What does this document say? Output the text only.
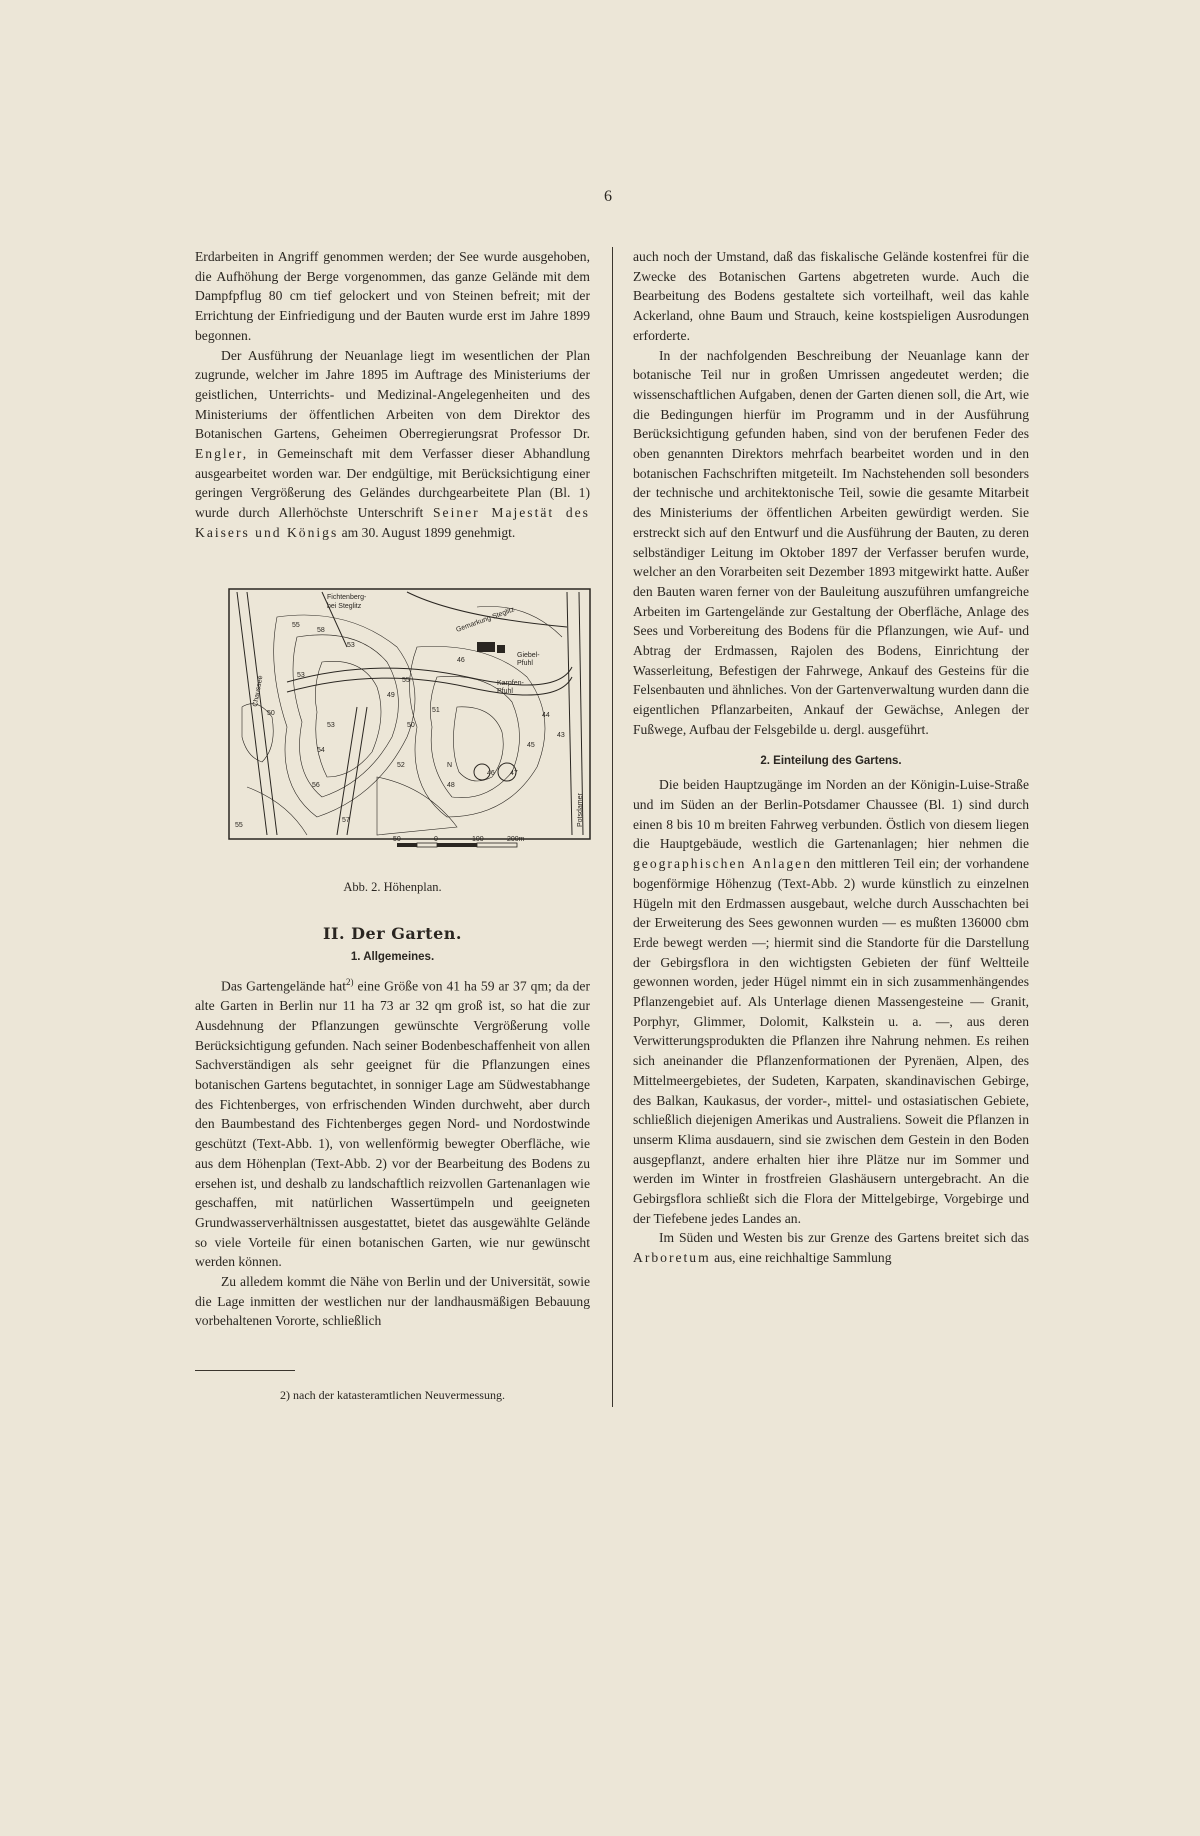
6

Erdarbeiten in Angriff genommen werden; der See wurde ausgehoben, die Aufhöhung der Berge vorgenommen, das ganze Gelände mit dem Dampfpflug 80 cm tief gelockert und von Steinen befreit; mit der Errichtung der Einfriedigung und der Bauten wurde erst im Jahre 1899 begonnen.

Der Ausführung der Neuanlage liegt im wesentlichen der Plan zugrunde, welcher im Jahre 1895 im Auftrage des Ministeriums der geistlichen, Unterrichts- und Medizinal-Angelegenheiten und des Ministeriums der öffentlichen Arbeiten von dem Direktor des Botanischen Gartens, Geheimen Oberregierungsrat Professor Dr. Engler, in Gemeinschaft mit dem Verfasser dieser Abhandlung ausgearbeitet worden war. Der endgültige, mit Berücksichtigung einer geringen Vergrößerung des Geländes durchgearbeitete Plan (Bl. 1) wurde durch Allerhöchste Unterschrift Seiner Majestät des Kaisers und Königs am 30. August 1899 genehmigt.

Fichtenberg-
bei Steglitz	Gemarkung Steglitz
Chaussee
Giebel-
Pfuhl
Karpfen-
Pfuhl
Potsdamer
N
55
55
53
50
53
54
52
51
50
48
46 47
44
43
45
49
46
53
55
57
56
58
50	0	100	200m
Abb. 2. Höhenplan.
II. Der Garten.
1. Allgemeines.

Das Gartengelände hat$^{2)}$ eine Größe von 41 ha 59 ar 37 qm; da der alte Garten in Berlin nur 11 ha 73 ar 32 qm groß ist, so hat die zur Ausdehnung der Pflanzungen gewünschte Vergrößerung volle Berücksichtigung gefunden. Nach seiner Bodenbeschaffenheit von allen Sachverständigen als sehr geeignet für die Pflanzungen eines botanischen Gartens begutachtet, in sonniger Lage am Südwestabhange des Fichtenberges, von erfrischenden Winden durchweht, aber durch den Baumbestand des Fichtenberges gegen Nord- und Nordostwinde geschützt (Text-Abb. 1), von wellenförmig bewegter Oberfläche, wie aus dem Höhenplan (Text-Abb. 2) vor der Bearbeitung des Bodens zu ersehen ist, und deshalb zu landschaftlich reizvollen Gartenanlagen wie geschaffen, mit natürlichen Wassertümpeln und geeigneten Grundwasserverhältnissen ausgestattet, bietet das ausgewählte Gelände so viele Vorteile für einen botanischen Garten, wie nur gewünscht werden können.

Zu alledem kommt die Nähe von Berlin und der Universität, sowie die Lage inmitten der westlichen nur der landhausmäßigen Bebauung vorbehaltenen Vororte, schließlich

2) nach der katasteramtlichen Neuvermessung.

auch noch der Umstand, daß das fiskalische Gelände kostenfrei für die Zwecke des Botanischen Gartens abgetreten wurde. Auch die Bearbeitung des Bodens gestaltete sich vorteilhaft, weil das kahle Ackerland, ohne Baum und Strauch, keine kostspieligen Ausrodungen erforderte.

In der nachfolgenden Beschreibung der Neuanlage kann der botanische Teil nur in großen Umrissen angedeutet werden; die wissenschaftlichen Aufgaben, denen der Garten dienen soll, die Art, wie die Bedingungen hierfür im Programm und in der Ausführung Berücksichtigung gefunden haben, sind von der berufenen Feder des oben genannten Direktors mehrfach bearbeitet worden und in den botanischen Fachschriften mitgeteilt. Im Nachstehenden soll besonders der technische und architektonische Teil, sowie die gesamte Mitarbeit des Ministeriums der öffentlichen Arbeiten gewürdigt werden. Sie erstreckt sich auf den Entwurf und die Ausführung der Bauten, zu deren selbständiger Leitung im Oktober 1897 der Verfasser berufen wurde, welcher an den Vorarbeiten seit Dezember 1893 mitgewirkt hatte. Außer den Bauten waren ferner von der Bauleitung auszuführen umfangreiche Arbeiten im Gartengelände zur Gestaltung der Oberfläche, Anlage des Sees und Vorbereitung des Bodens für die Pflanzungen, wie Auf- und Abtrag der Erdmassen, Rajolen des Bodens, Einrichtung der Wasserleitung, Befestigen der Fahrwege, Ankauf des Gesteins für die Felsenbauten und ähnliches. Von der Gartenverwaltung wurden dann die eigentlichen Pflanzarbeiten, Ankauf der Gewächse, Anlegen der Fußwege, Aufbau der Felsgebilde u. dergl. ausgeführt.

2. Einteilung des Gartens.

Die beiden Hauptzugänge im Norden an der Königin-Luise-Straße und im Süden an der Berlin-Potsdamer Chaussee (Bl. 1) sind durch einen 8 bis 10 m breiten Fahrweg verbunden. Östlich von diesem liegen die Hauptgebäude, westlich die Gartenanlagen; hier nehmen die geographischen Anlagen den mittleren Teil ein; der vorhandene bogenförmige Höhenzug (Text-Abb. 2) wurde künstlich zu einzelnen Hügeln mit den Erdmassen ausgebaut, welche durch Ausschachten bei der Erweiterung des Sees gewonnen wurden — es mußten 136000 cbm Erde bewegt werden —; hiermit sind die Standorte für die Darstellung der Gebirgsflora in den wichtigsten Gebieten der fünf Weltteile gewonnen worden, jeder Hügel nimmt ein in sich zusammenhängendes Pflanzengebiet auf. Als Unterlage dienen Massengesteine — Granit, Porphyr, Glimmer, Dolomit, Kalkstein u. a. —, aus deren Verwitterungsprodukten die Pflanzen ihre Nahrung nehmen. Es reihen sich aneinander die Pflanzenformationen der Pyrenäen, Alpen, des Mittelmeergebietes, der Sudeten, Karpaten, skandinavischen Gebirge, des Balkan, Kaukasus, der vorder-, mittel- und ostasiatischen Gebiete, schließlich diejenigen Amerikas und Australiens. Soweit die Pflanzen in unserm Klima ausdauern, sind sie zwischen dem Gestein in den Boden ausgepflanzt, andere erhalten hier ihre Plätze nur im Sommer und werden im Winter in frostfreien Glashäusern untergebracht. An die Gebirgsflora schließt sich die Flora der Mittelgebirge, Vorgebirge und der Tiefebene jedes Landes an.

Im Süden und Westen bis zur Grenze des Gartens breitet sich das Arboretum aus, eine reichhaltige Sammlung
